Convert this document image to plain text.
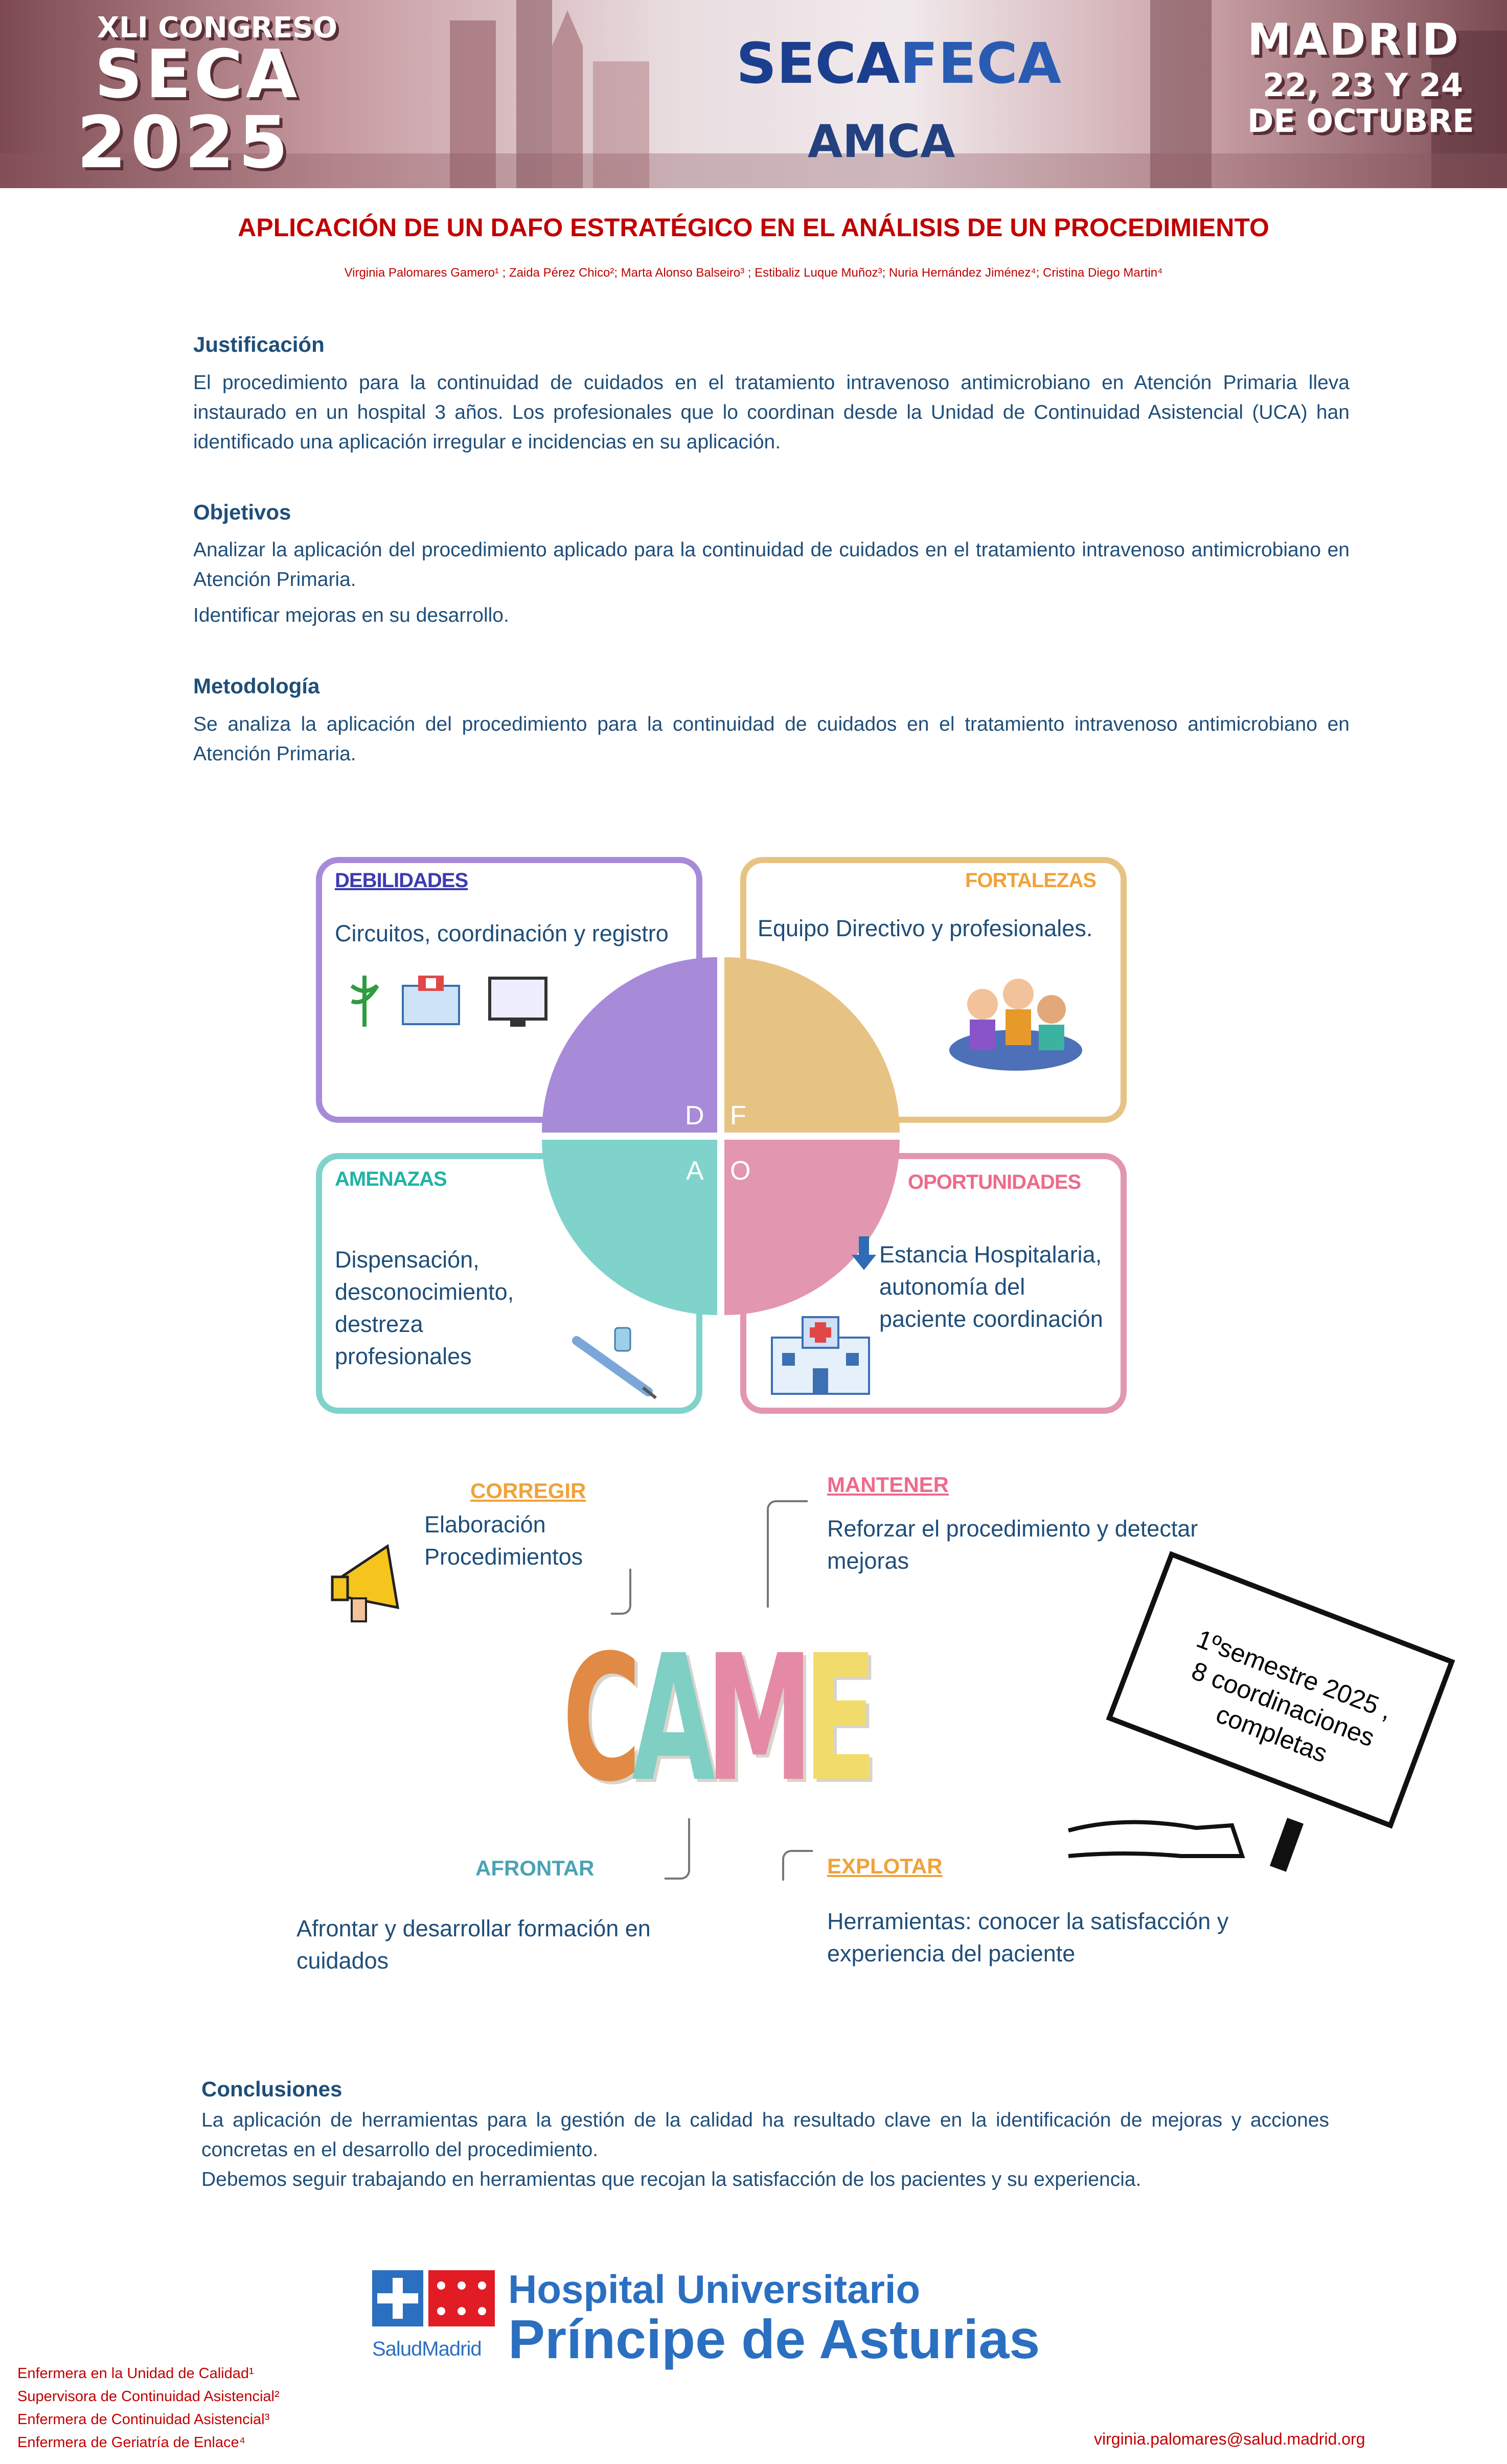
XLI CONGRESO
SECA
2025
SECA FECA
AMCA
MADRID
22, 23 Y 24
DE OCTUBRE
APLICACIÓN DE UN DAFO ESTRATÉGICO EN EL ANÁLISIS DE UN PROCEDIMIENTO
Virginia Palomares Gamero¹ ; Zaida Pérez Chico²; Marta Alonso Balseiro³ ; Estibaliz Luque Muñoz³; Nuria Hernández Jiménez⁴; Cristina Diego Martin⁴
Justificación
El procedimiento para la continuidad de cuidados en el tratamiento intravenoso antimicrobiano en Atención Primaria lleva instaurado en un hospital 3 años. Los profesionales que lo coordinan desde la Unidad de Continuidad Asistencial (UCA) han identificado una aplicación irregular e incidencias en su aplicación.
Objetivos
Analizar la aplicación del procedimiento aplicado para la continuidad de cuidados en el tratamiento intravenoso antimicrobiano en Atención Primaria.
Identificar mejoras en su desarrollo.
Metodología
Se analiza la aplicación del procedimiento para la continuidad de cuidados en el tratamiento intravenoso antimicrobiano en Atención Primaria.
D F
A O
DEBILIDADES
Circuitos, coordinación y registro
FORTALEZAS
Equipo Directivo y profesionales.
AMENAZAS
Dispensación, desconocimiento, destreza profesionales
OPORTUNIDADES
Estancia Hospitalaria, autonomía del paciente coordinación
CORREGIR
Elaboración Procedimientos
MANTENER
Reforzar el procedimiento y detectar mejoras
AFRONTAR
Afrontar y desarrollar formación en cuidados
EXPLOTAR
Herramientas: conocer la satisfacción y experiencia del paciente
CAME	1ºsemestre 2025 , 8 coordinaciones completas
Conclusiones
La aplicación de herramientas para la gestión de la calidad ha resultado clave en la identificación de mejoras y acciones concretas en el desarrollo del procedimiento.
Debemos seguir trabajando en herramientas que recojan la satisfacción de los pacientes y su experiencia.
SaludMadrid
Hospital Universitario
Príncipe de Asturias
Enfermera en la Unidad de Calidad¹
Supervisora de Continuidad Asistencial²
Enfermera de Continuidad Asistencial³
Enfermera de Geriatría de Enlace⁴	virginia.palomares@salud.madrid.org
